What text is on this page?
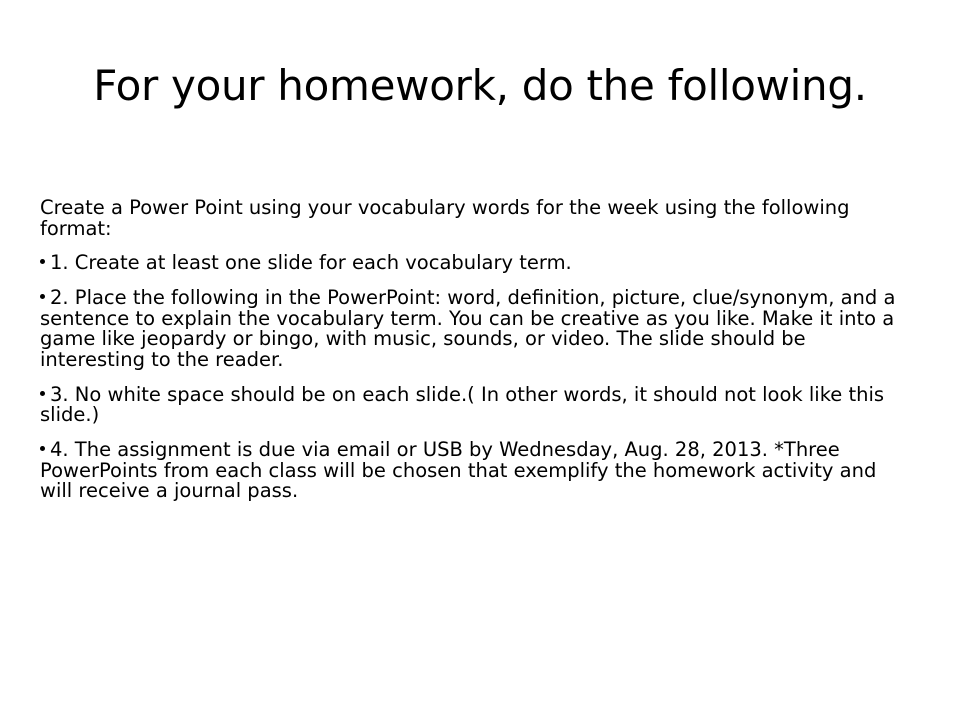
For your homework, do the following.

Create a Power Point using your vocabulary words for the week using the following format:

1. Create at least one slide for each vocabulary term.
2. Place the following in the PowerPoint: word, definition, picture, clue/synonym, and a sentence to explain the vocabulary term. You can be creative as you like. Make it into a game like jeopardy or bingo, with music, sounds, or video. The slide should be interesting to the reader.
3. No white space should be on each slide.( In other words, it should not look like this slide.)
4. The assignment is due via email or USB by Wednesday, Aug. 28, 2013. *Three PowerPoints from each class will be chosen that exemplify the homework activity and will receive a journal pass.
